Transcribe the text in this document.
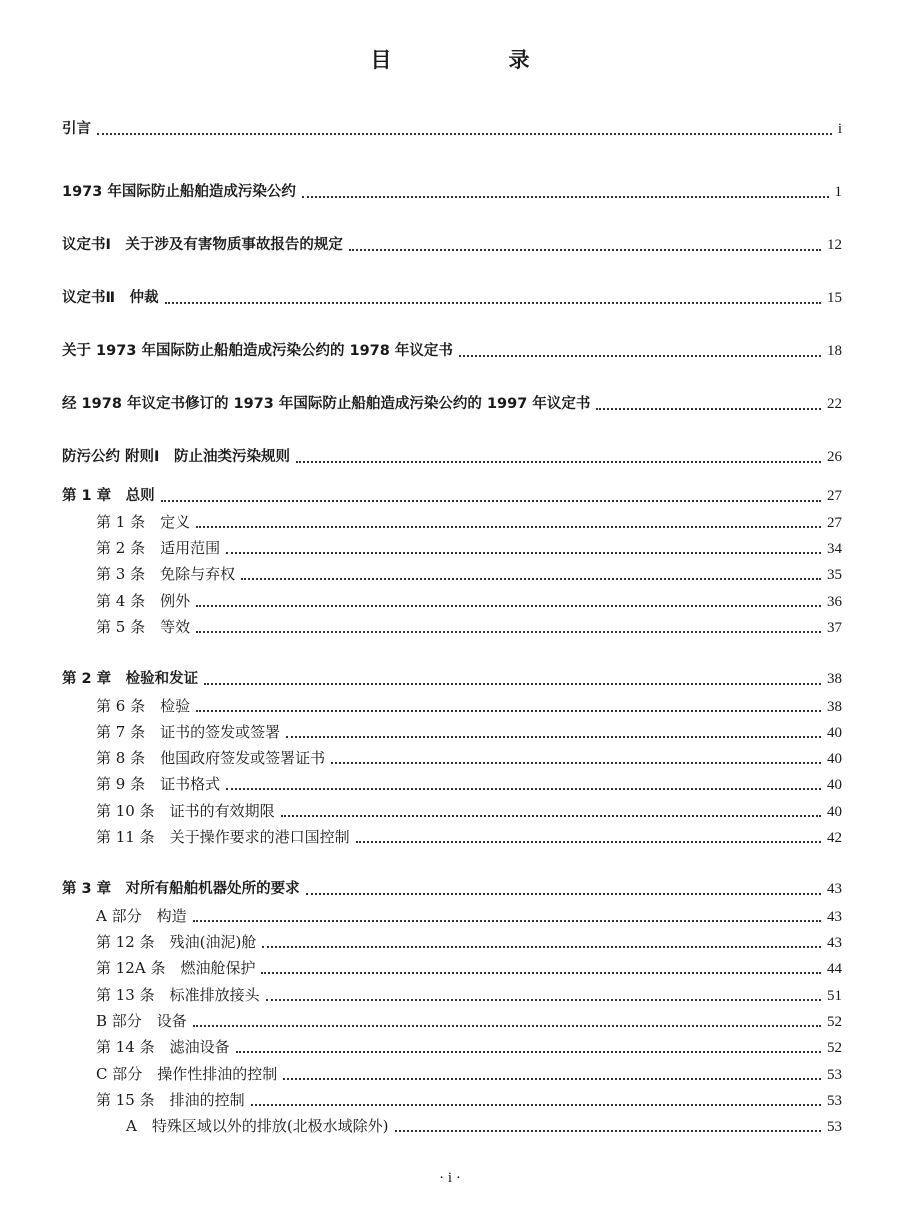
目　录
引言	i
1973 年国际防止船舶造成污染公约	1
议定书Ⅰ　关于涉及有害物质事故报告的规定	12
议定书Ⅱ　仲裁	15
关于 1973 年国际防止船舶造成污染公约的 1978 年议定书	18
经 1978 年议定书修订的 1973 年国际防止船舶造成污染公约的 1997 年议定书	22
防污公约 附则Ⅰ　防止油类污染规则	26
第 1 章　总则	27
第 1 条　定义	27
第 2 条　适用范围	34
第 3 条　免除与弃权	35
第 4 条　例外	36
第 5 条　等效	37
第 2 章　检验和发证	38
第 6 条　检验	38
第 7 条　证书的签发或签署	40
第 8 条　他国政府签发或签署证书	40
第 9 条　证书格式	40
第 10 条　证书的有效期限	40
第 11 条　关于操作要求的港口国控制	42
第 3 章　对所有船舶机器处所的要求	43
A 部分　构造	43
第 12 条　残油(油泥)舱	43
第 12A 条　燃油舱保护	44
第 13 条　标准排放接头	51
B 部分　设备	52
第 14 条　滤油设备	52
C 部分　操作性排油的控制	53
第 15 条　排油的控制	53
A　特殊区域以外的排放(北极水域除外)	53
· i ·
